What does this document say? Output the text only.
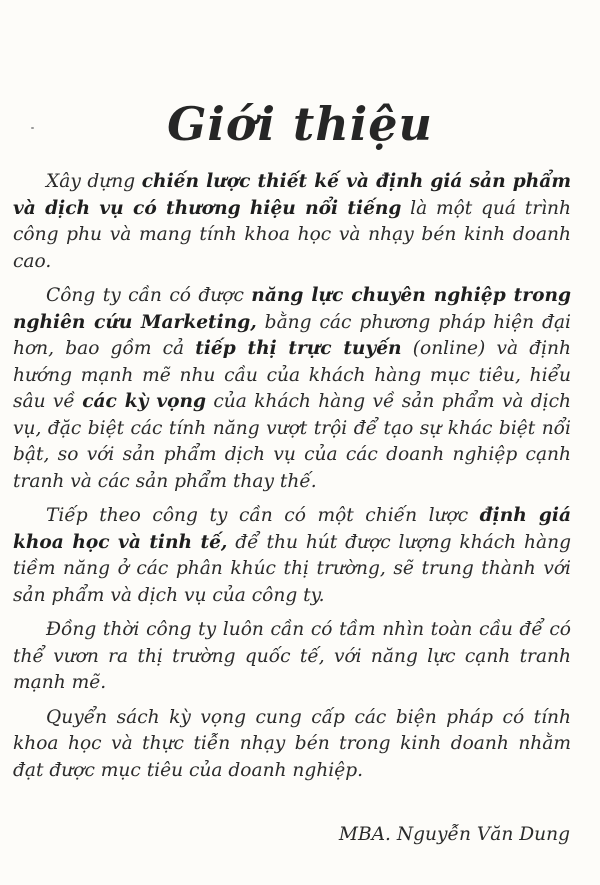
Giới thiệu

Xây dựng chiến lược thiết kế và định giá sản phẩm và dịch vụ có thương hiệu nổi tiếng là một quá trình công phu và mang tính khoa học và nhạy bén kinh doanh cao.

Công ty cần có được năng lực chuyên nghiệp trong nghiên cứu Marketing, bằng các phương pháp hiện đại hơn, bao gồm cả tiếp thị trực tuyến (online) và định hướng mạnh mẽ nhu cầu của khách hàng mục tiêu, hiểu sâu về các kỳ vọng của khách hàng về sản phẩm và dịch vụ, đặc biệt các tính năng vượt trội để tạo sự khác biệt nổi bật, so với sản phẩm dịch vụ của các doanh nghiệp cạnh tranh và các sản phẩm thay thế.

Tiếp theo công ty cần có một chiến lược định giá khoa học và tinh tế, để thu hút được lượng khách hàng tiềm năng ở các phân khúc thị trường, sẽ trung thành với sản phẩm và dịch vụ của công ty.

Đồng thời công ty luôn cần có tầm nhìn toàn cầu để có thể vươn ra thị trường quốc tế, với năng lực cạnh tranh mạnh mẽ.

Quyển sách kỳ vọng cung cấp các biện pháp có tính khoa học và thực tiễn nhạy bén trong kinh doanh nhằm đạt được mục tiêu của doanh nghiệp.

MBA. Nguyễn Văn Dung
